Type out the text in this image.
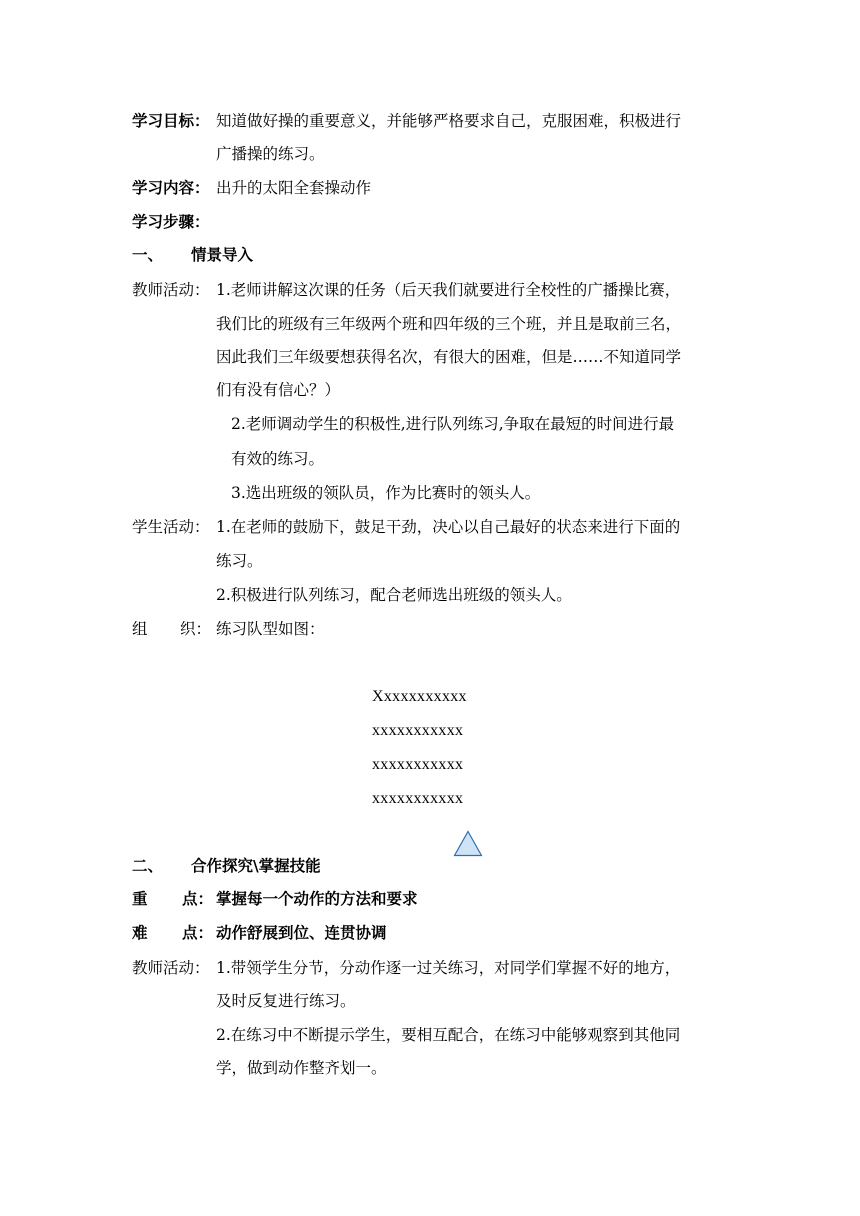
学习目标： 知道做好操的重要意义，并能够严格要求自己，克服困难，积极进行
广播操的练习。
学习内容： 出升的太阳全套操动作
学习步骤：
一、 情景导入
教师活动： 1.老师讲解这次课的任务（后天我们就要进行全校性的广播操比赛，
我们比的班级有三年级两个班和四年级的三个班，并且是取前三名，
因此我们三年级要想获得名次，有很大的困难，但是……不知道同学
们有没有信心？）
2.老师调动学生的积极性,进行队列练习,争取在最短的时间进行最
有效的练习。
3.选出班级的领队员，作为比赛时的领头人。
学生活动： 1.在老师的鼓励下，鼓足干劲，决心以自己最好的状态来进行下面的
练习。
2.积极进行队列练习，配合老师选出班级的领头人。
组 织： 练习队型如图：
Xxxxxxxxxxx
xxxxxxxxxxx
xxxxxxxxxxx
xxxxxxxxxxx
二、 合作探究\掌握技能
重 点： 掌握每一个动作的方法和要求
难 点： 动作舒展到位、连贯协调
教师活动： 1.带领学生分节，分动作逐一过关练习，对同学们掌握不好的地方，
及时反复进行练习。
2.在练习中不断提示学生，要相互配合，在练习中能够观察到其他同
学，做到动作整齐划一。
